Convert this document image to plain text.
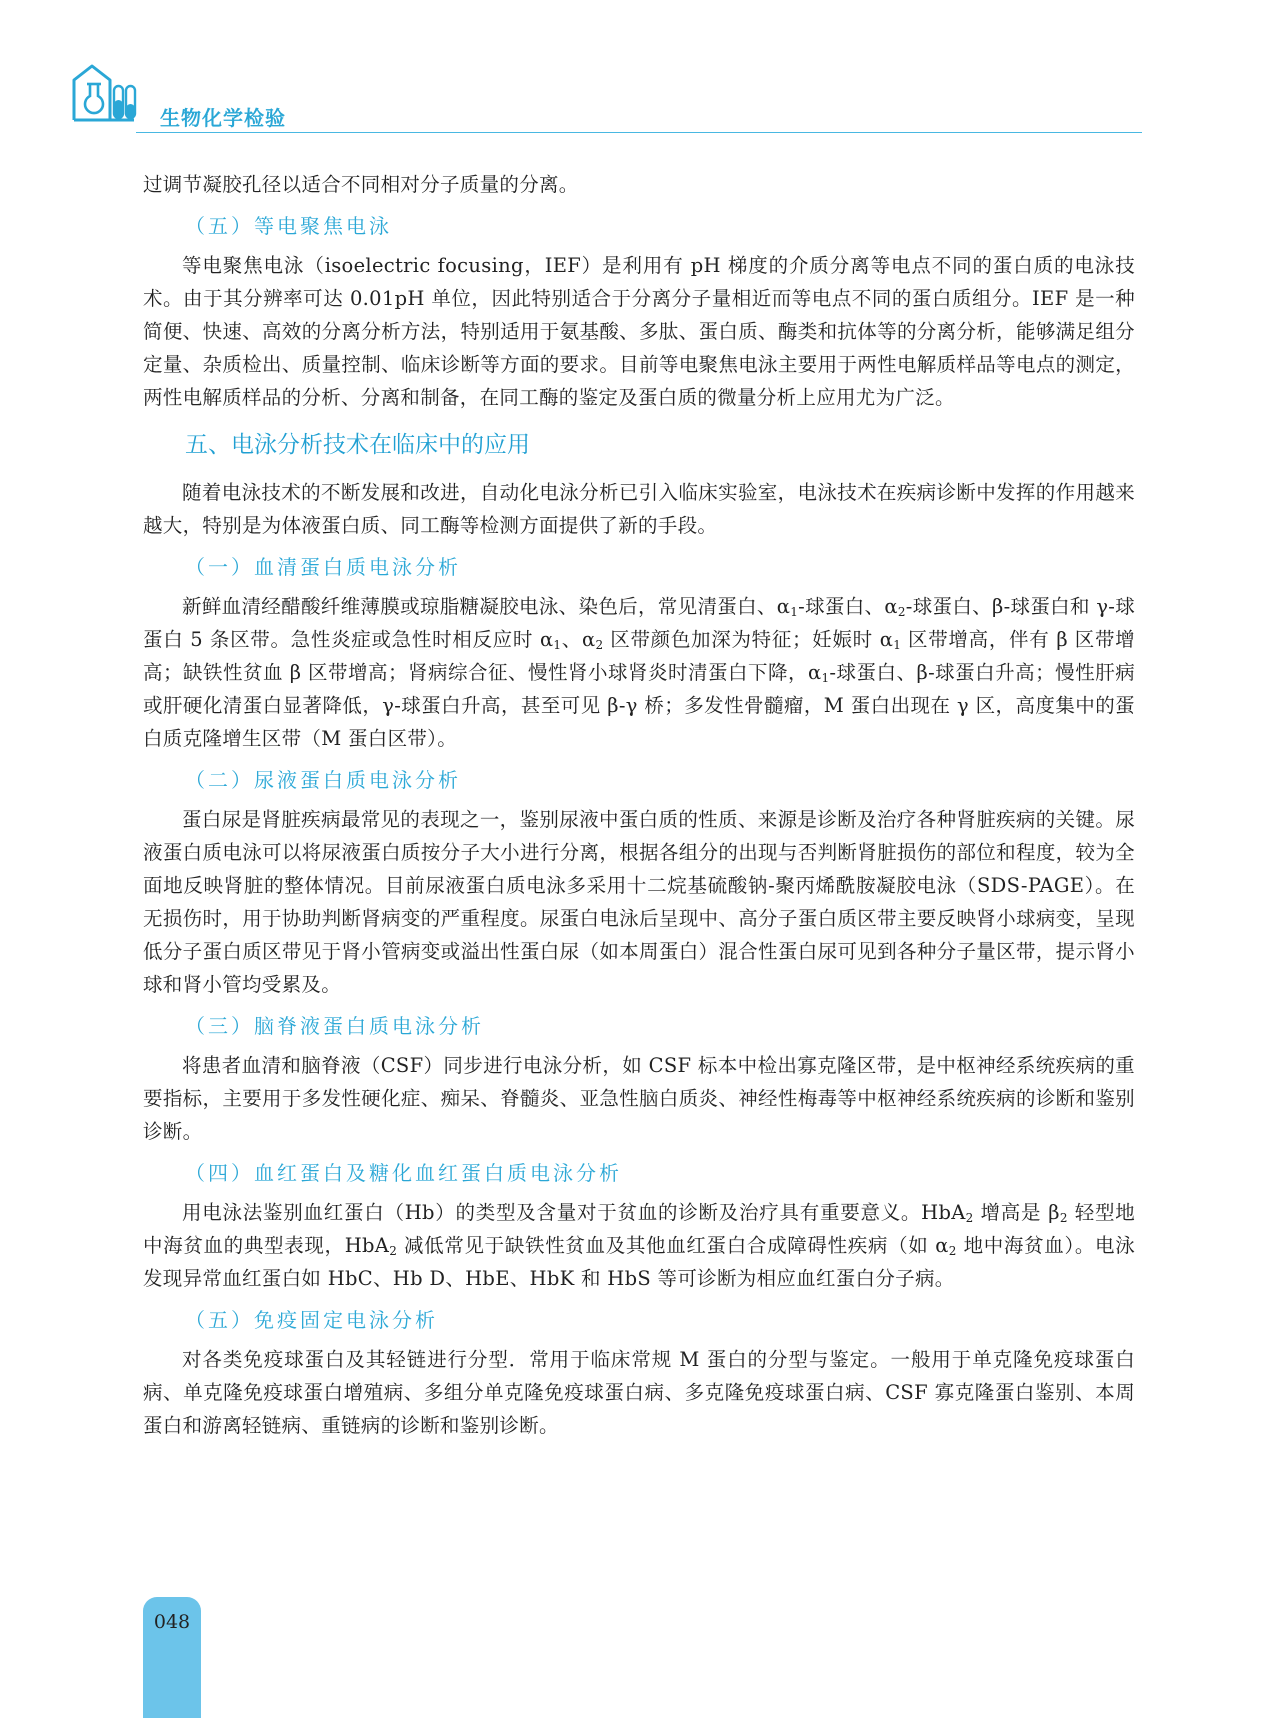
生物化学检验

过调节凝胶孔径以适合不同相对分子质量的分离。

（五）等电聚焦电泳

等电聚焦电泳（isoelectric focusing，IEF）是利用有 pH 梯度的介质分离等电点不同的蛋白质的电泳技术。由于其分辨率可达 0.01pH 单位，因此特别适合于分离分子量相近而等电点不同的蛋白质组分。IEF 是一种简便、快速、高效的分离分析方法，特别适用于氨基酸、多肽、蛋白质、酶类和抗体等的分离分析，能够满足组分定量、杂质检出、质量控制、临床诊断等方面的要求。目前等电聚焦电泳主要用于两性电解质样品等电点的测定，两性电解质样品的分析、分离和制备，在同工酶的鉴定及蛋白质的微量分析上应用尤为广泛。

五、电泳分析技术在临床中的应用

随着电泳技术的不断发展和改进，自动化电泳分析已引入临床实验室，电泳技术在疾病诊断中发挥的作用越来越大，特别是为体液蛋白质、同工酶等检测方面提供了新的手段。

（一）血清蛋白质电泳分析

新鲜血清经醋酸纤维薄膜或琼脂糖凝胶电泳、染色后，常见清蛋白、$\alpha_1-$球蛋白、$\alpha_2-$球蛋白、β-球蛋白和 γ-球蛋白 5 条区带。急性炎症或急性时相反应时 $\alpha_1$、$\alpha_2$ 区带颜色加深为特征；妊娠时 $\alpha_1$ 区带增高，伴有 β 区带增高；缺铁性贫血 β 区带增高；肾病综合征、慢性肾小球肾炎时清蛋白下降，$\alpha_1-$球蛋白、β-球蛋白升高；慢性肝病或肝硬化清蛋白显著降低，γ-球蛋白升高，甚至可见 β-γ 桥；多发性骨髓瘤，M 蛋白出现在 γ 区，高度集中的蛋白质克隆增生区带（M 蛋白区带）。

（二）尿液蛋白质电泳分析

蛋白尿是肾脏疾病最常见的表现之一，鉴别尿液中蛋白质的性质、来源是诊断及治疗各种肾脏疾病的关键。尿液蛋白质电泳可以将尿液蛋白质按分子大小进行分离，根据各组分的出现与否判断肾脏损伤的部位和程度，较为全面地反映肾脏的整体情况。目前尿液蛋白质电泳多采用十二烷基硫酸钠-聚丙烯酰胺凝胶电泳（SDS-PAGE）。在无损伤时，用于协助判断肾病变的严重程度。尿蛋白电泳后呈现中、高分子蛋白质区带主要反映肾小球病变，呈现低分子蛋白质区带见于肾小管病变或溢出性蛋白尿（如本周蛋白）混合性蛋白尿可见到各种分子量区带，提示肾小球和肾小管均受累及。

（三）脑脊液蛋白质电泳分析

将患者血清和脑脊液（CSF）同步进行电泳分析，如 CSF 标本中检出寡克隆区带，是中枢神经系统疾病的重要指标，主要用于多发性硬化症、痴呆、脊髓炎、亚急性脑白质炎、神经性梅毒等中枢神经系统疾病的诊断和鉴别诊断。

（四）血红蛋白及糖化血红蛋白质电泳分析

用电泳法鉴别血红蛋白（Hb）的类型及含量对于贫血的诊断及治疗具有重要意义。HbA$_2$ 增高是 $\beta_2$ 轻型地中海贫血的典型表现，HbA$_2$ 减低常见于缺铁性贫血及其他血红蛋白合成障碍性疾病（如 $\alpha_2$ 地中海贫血）。电泳发现异常血红蛋白如 HbC、Hb D、HbE、HbK 和 HbS 等可诊断为相应血红蛋白分子病。

（五）免疫固定电泳分析

对各类免疫球蛋白及其轻链进行分型．常用于临床常规 M 蛋白的分型与鉴定。一般用于单克隆免疫球蛋白病、单克隆免疫球蛋白增殖病、多组分单克隆免疫球蛋白病、多克隆免疫球蛋白病、CSF 寡克隆蛋白鉴别、本周蛋白和游离轻链病、重链病的诊断和鉴别诊断。

048
